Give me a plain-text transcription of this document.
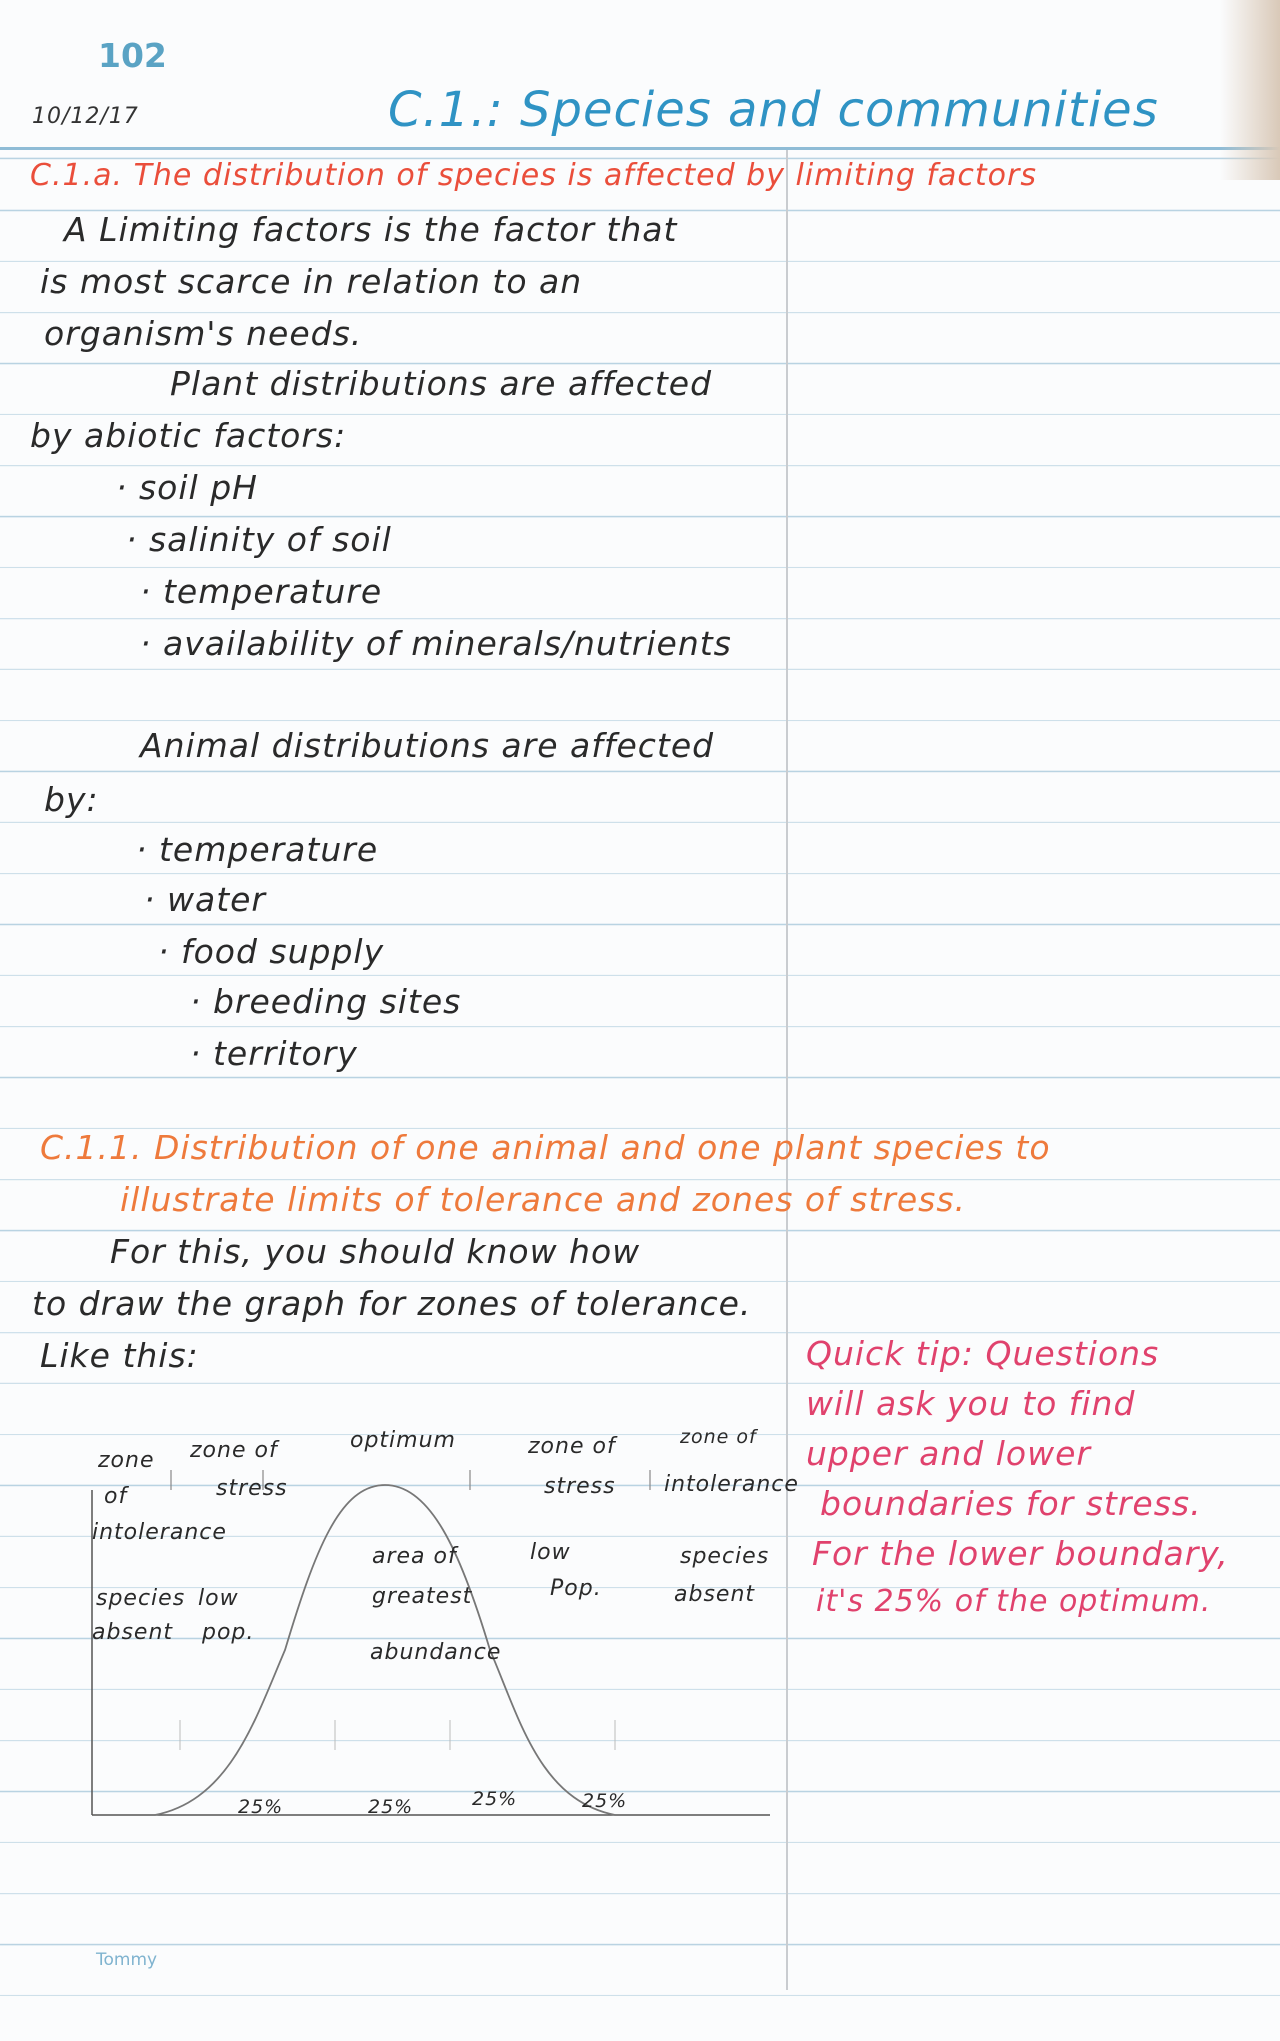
102
10/12/17	C.1.: Species and communities
C.1.a. The distribution of species is affected by limiting factors
A Limiting factors is the factor that
is most scarce in relation to an
organism's needs.
Plant distributions are affected
by abiotic factors:
· soil pH
· salinity of soil
· temperature
· availability of minerals/nutrients
Animal distributions are affected
by:
· temperature
· water
· food supply
· breeding sites
· territory
C.1.1. Distribution of one animal and one plant species to
illustrate limits of tolerance and zones of stress.
For this, you should know how
to draw the graph for zones of tolerance.
Like this:	Quick tip: Questions
will ask you to find
upper and lower
boundaries for stress.
For the lower boundary,
it's 25% of the optimum.
zone
of
intolerance
zone of
stress
optimum	zone of
stress
zone of
intolerance
species
absent
low
pop.
area of
greatest
abundance
low
Pop.
species
absent
25%	25%	25%	25%
Tommy
